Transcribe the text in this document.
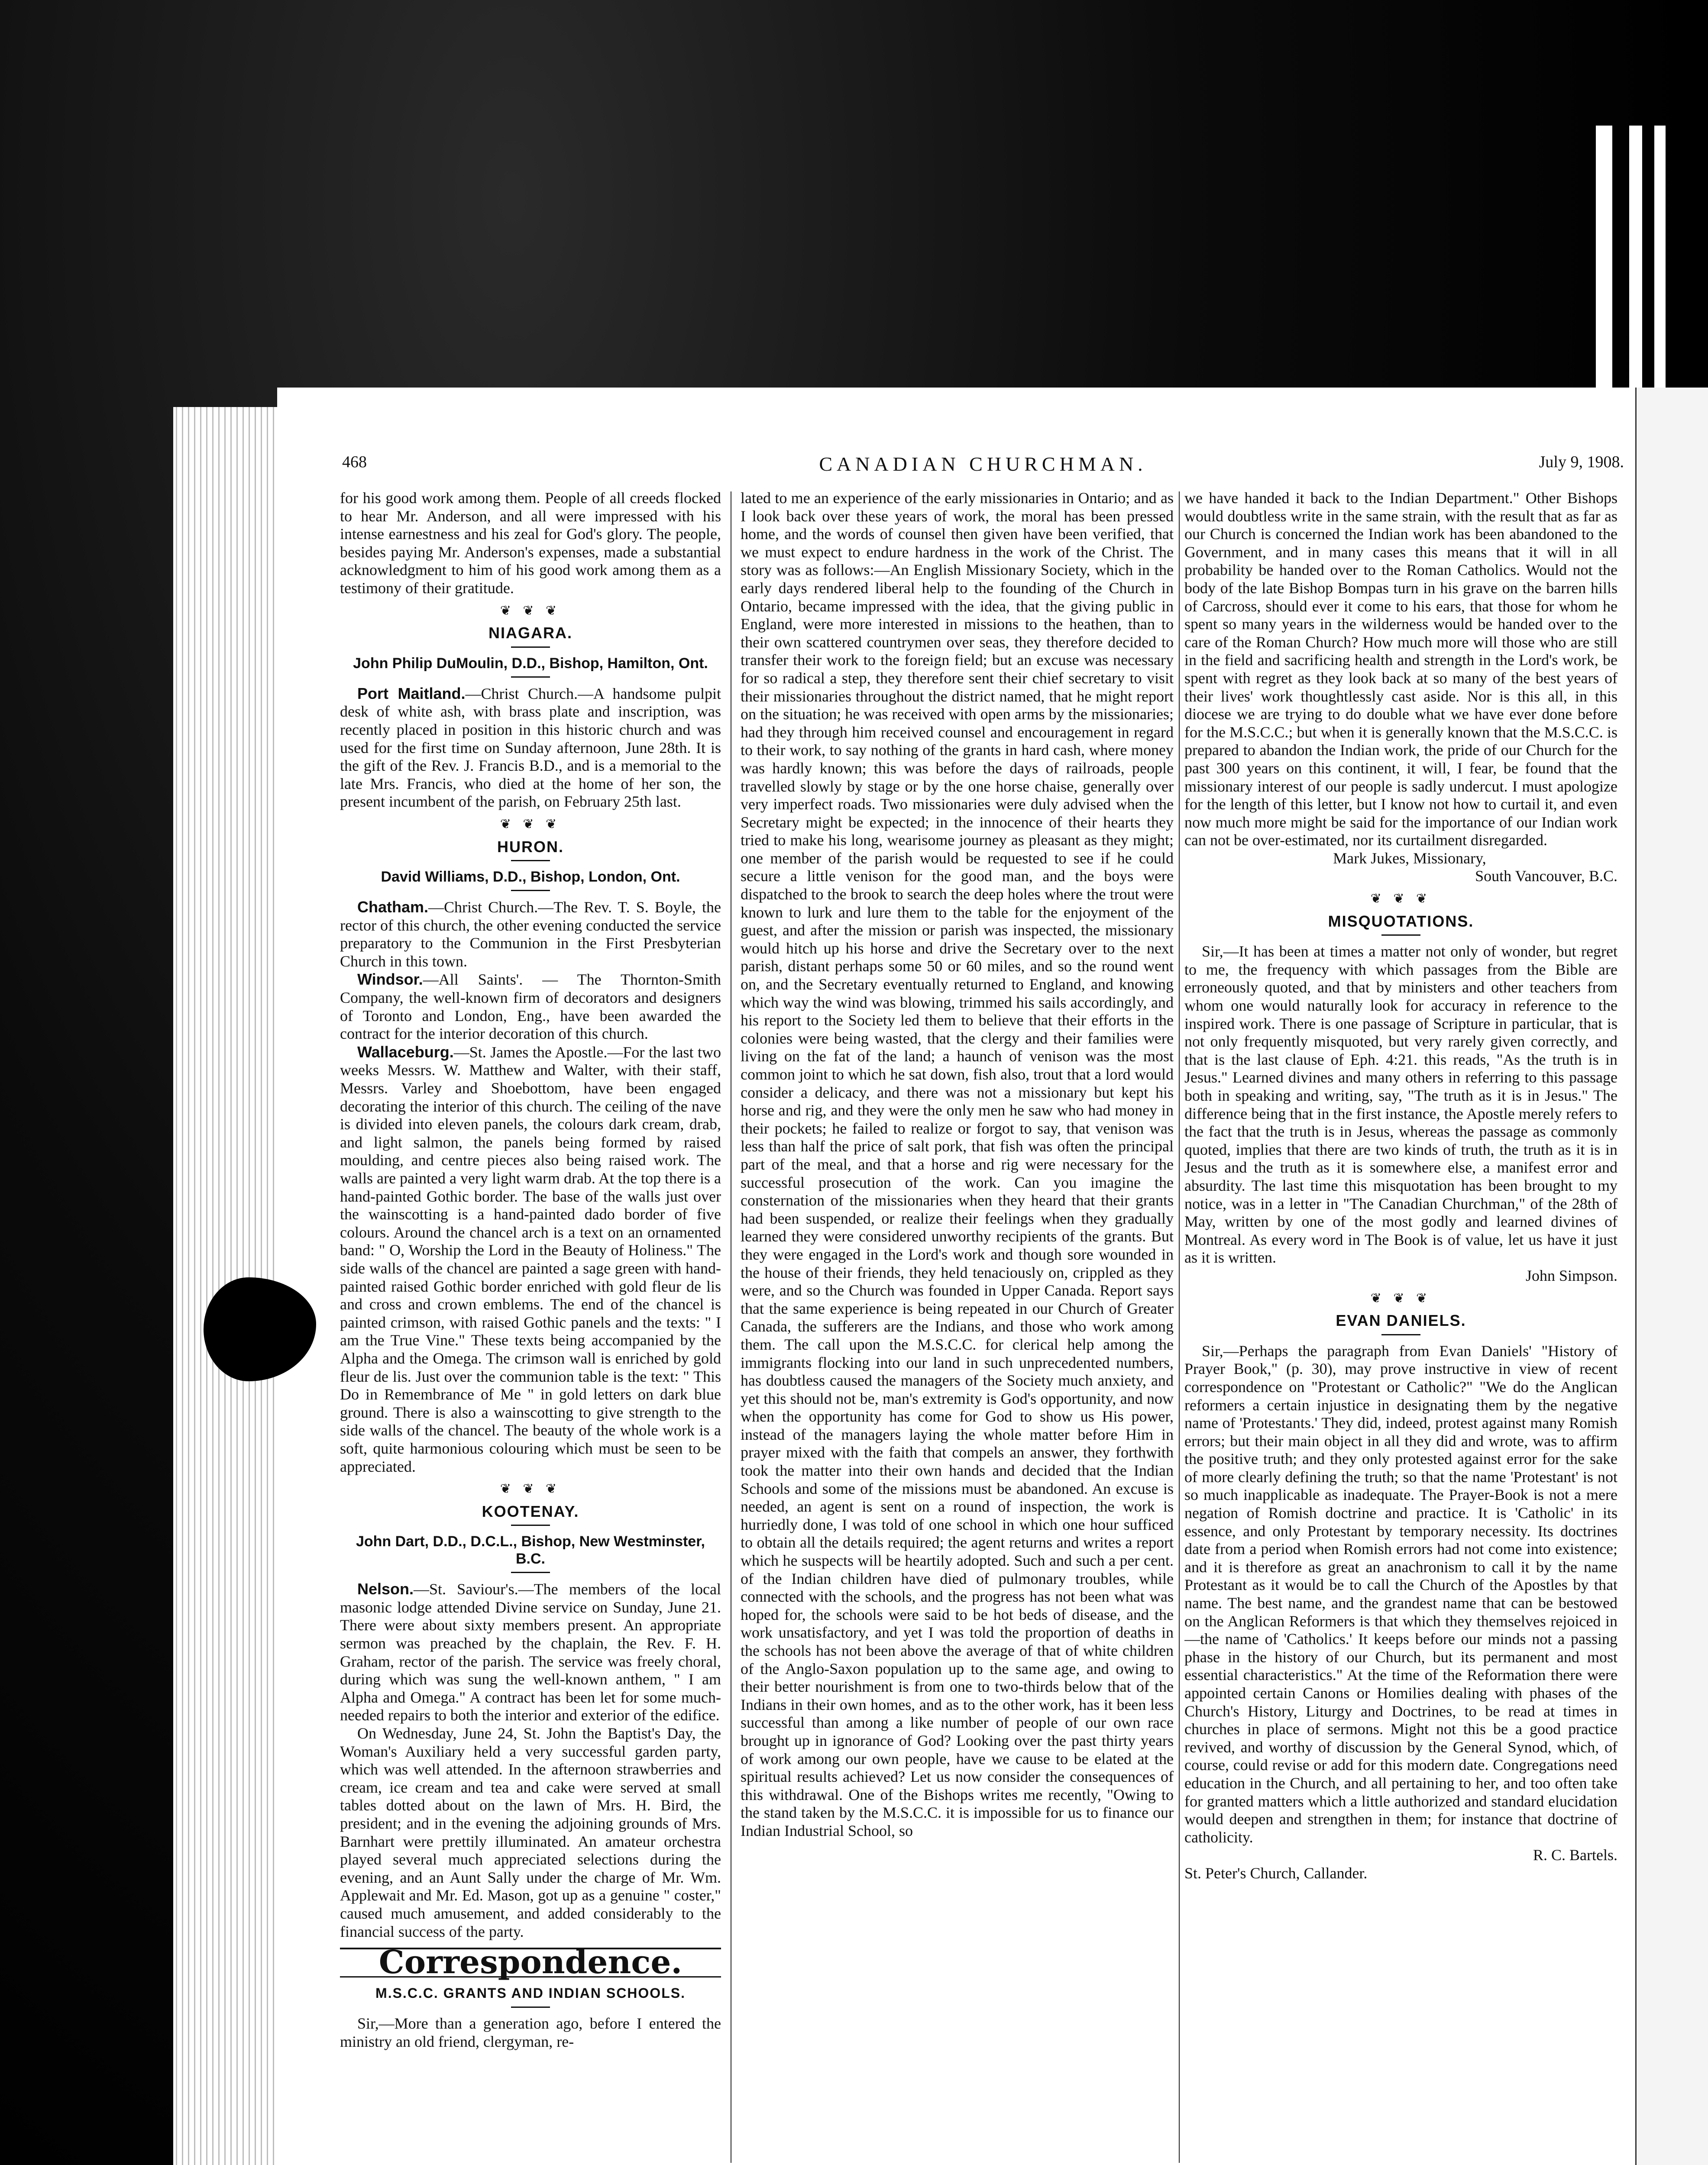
468	CANADIAN CHURCHMAN.	July 9, 1908.

for his good work among them. People of all creeds flocked to hear Mr. Anderson, and all were impressed with his intense earnestness and his zeal for God's glory. The people, besides paying Mr. Anderson's expenses, made a substantial acknowledgment to him of his good work among them as a testimony of their gratitude.

❦ ❦ ❦
NIAGARA.
John Philip DuMoulin, D.D., Bishop, Hamilton, Ont.

Port Maitland.—Christ Church.—A handsome pulpit desk of white ash, with brass plate and inscription, was recently placed in position in this historic church and was used for the first time on Sunday afternoon, June 28th. It is the gift of the Rev. J. Francis B.D., and is a memorial to the late Mrs. Francis, who died at the home of her son, the present incumbent of the parish, on February 25th last.

❦ ❦ ❦
HURON.
David Williams, D.D., Bishop, London, Ont.

Chatham.—Christ Church.—The Rev. T. S. Boyle, the rector of this church, the other evening conducted the service preparatory to the Communion in the First Presbyterian Church in this town.

Windsor.—All Saints'. — The Thornton-Smith Company, the well-known firm of decorators and designers of Toronto and London, Eng., have been awarded the contract for the interior decoration of this church.

Wallaceburg.—St. James the Apostle.—For the last two weeks Messrs. W. Matthew and Walter, with their staff, Messrs. Varley and Shoebottom, have been engaged decorating the interior of this church. The ceiling of the nave is divided into eleven panels, the colours dark cream, drab, and light salmon, the panels being formed by raised moulding, and centre pieces also being raised work. The walls are painted a very light warm drab. At the top there is a hand-painted Gothic border. The base of the walls just over the wainscotting is a hand-painted dado border of five colours. Around the chancel arch is a text on an ornamented band: " O, Worship the Lord in the Beauty of Holiness." The side walls of the chancel are painted a sage green with hand-painted raised Gothic border enriched with gold fleur de lis and cross and crown emblems. The end of the chancel is painted crimson, with raised Gothic panels and the texts: " I am the True Vine." These texts being accompanied by the Alpha and the Omega. The crimson wall is enriched by gold fleur de lis. Just over the communion table is the text: " This Do in Remembrance of Me " in gold letters on dark blue ground. There is also a wainscotting to give strength to the side walls of the chancel. The beauty of the whole work is a soft, quite harmonious colouring which must be seen to be appreciated.

❦ ❦ ❦
KOOTENAY.
John Dart, D.D., D.C.L., Bishop, New Westminster, B.C.

Nelson.—St. Saviour's.—The members of the local masonic lodge attended Divine service on Sunday, June 21. There were about sixty members present. An appropriate sermon was preached by the chaplain, the Rev. F. H. Graham, rector of the parish. The service was freely choral, during which was sung the well-known anthem, " I am Alpha and Omega." A contract has been let for some much-needed repairs to both the interior and exterior of the edifice.

On Wednesday, June 24, St. John the Baptist's Day, the Woman's Auxiliary held a very successful garden party, which was well attended. In the afternoon strawberries and cream, ice cream and tea and cake were served at small tables dotted about on the lawn of Mrs. H. Bird, the president; and in the evening the adjoining grounds of Mrs. Barnhart were prettily illuminated. An amateur orchestra played several much appreciated selections during the evening, and an Aunt Sally under the charge of Mr. Wm. Applewait and Mr. Ed. Mason, got up as a genuine " coster," caused much amusement, and added considerably to the financial success of the party.

Correspondence.
M.S.C.C. GRANTS AND INDIAN SCHOOLS.

Sir,—More than a generation ago, before I entered the ministry an old friend, clergyman, re-

lated to me an experience of the early missionaries in Ontario; and as I look back over these years of work, the moral has been pressed home, and the words of counsel then given have been verified, that we must expect to endure hardness in the work of the Christ. The story was as follows:—An English Missionary Society, which in the early days rendered liberal help to the founding of the Church in Ontario, became impressed with the idea, that the giving public in England, were more interested in missions to the heathen, than to their own scattered countrymen over seas, they therefore decided to transfer their work to the foreign field; but an excuse was necessary for so radical a step, they therefore sent their chief secretary to visit their missionaries throughout the district named, that he might report on the situation; he was received with open arms by the missionaries; had they through him received counsel and encouragement in regard to their work, to say nothing of the grants in hard cash, where money was hardly known; this was before the days of railroads, people travelled slowly by stage or by the one horse chaise, generally over very imperfect roads. Two missionaries were duly advised when the Secretary might be expected; in the innocence of their hearts they tried to make his long, wearisome journey as pleasant as they might; one member of the parish would be requested to see if he could secure a little venison for the good man, and the boys were dispatched to the brook to search the deep holes where the trout were known to lurk and lure them to the table for the enjoyment of the guest, and after the mission or parish was inspected, the missionary would hitch up his horse and drive the Secretary over to the next parish, distant perhaps some 50 or 60 miles, and so the round went on, and the Secretary eventually returned to England, and knowing which way the wind was blowing, trimmed his sails accordingly, and his report to the Society led them to believe that their efforts in the colonies were being wasted, that the clergy and their families were living on the fat of the land; a haunch of venison was the most common joint to which he sat down, fish also, trout that a lord would consider a delicacy, and there was not a missionary but kept his horse and rig, and they were the only men he saw who had money in their pockets; he failed to realize or forgot to say, that venison was less than half the price of salt pork, that fish was often the principal part of the meal, and that a horse and rig were necessary for the successful prosecution of the work. Can you imagine the consternation of the missionaries when they heard that their grants had been suspended, or realize their feelings when they gradually learned they were considered unworthy recipients of the grants. But they were engaged in the Lord's work and though sore wounded in the house of their friends, they held tenaciously on, crippled as they were, and so the Church was founded in Upper Canada. Report says that the same experience is being repeated in our Church of Greater Canada, the sufferers are the Indians, and those who work among them. The call upon the M.S.C.C. for clerical help among the immigrants flocking into our land in such unprecedented numbers, has doubtless caused the managers of the Society much anxiety, and yet this should not be, man's extremity is God's opportunity, and now when the opportunity has come for God to show us His power, instead of the managers laying the whole matter before Him in prayer mixed with the faith that compels an answer, they forthwith took the matter into their own hands and decided that the Indian Schools and some of the missions must be abandoned. An excuse is needed, an agent is sent on a round of inspection, the work is hurriedly done, I was told of one school in which one hour sufficed to obtain all the details required; the agent returns and writes a report which he suspects will be heartily adopted. Such and such a per cent. of the Indian children have died of pulmonary troubles, while connected with the schools, and the progress has not been what was hoped for, the schools were said to be hot beds of disease, and the work unsatisfactory, and yet I was told the proportion of deaths in the schools has not been above the average of that of white children of the Anglo-Saxon population up to the same age, and owing to their better nourishment is from one to two-thirds below that of the Indians in their own homes, and as to the other work, has it been less successful than among a like number of people of our own race brought up in ignorance of God? Looking over the past thirty years of work among our own people, have we cause to be elated at the spiritual results achieved? Let us now consider the consequences of this withdrawal. One of the Bishops writes me recently, "Owing to the stand taken by the M.S.C.C. it is impossible for us to finance our Indian Industrial School, so

we have handed it back to the Indian Department." Other Bishops would doubtless write in the same strain, with the result that as far as our Church is concerned the Indian work has been abandoned to the Government, and in many cases this means that it will in all probability be handed over to the Roman Catholics. Would not the body of the late Bishop Bompas turn in his grave on the barren hills of Carcross, should ever it come to his ears, that those for whom he spent so many years in the wilderness would be handed over to the care of the Roman Church? How much more will those who are still in the field and sacrificing health and strength in the Lord's work, be spent with regret as they look back at so many of the best years of their lives' work thoughtlessly cast aside. Nor is this all, in this diocese we are trying to do double what we have ever done before for the M.S.C.C.; but when it is generally known that the M.S.C.C. is prepared to abandon the Indian work, the pride of our Church for the past 300 years on this continent, it will, I fear, be found that the missionary interest of our people is sadly undercut. I must apologize for the length of this letter, but I know not how to curtail it, and even now much more might be said for the importance of our Indian work can not be over-estimated, nor its curtailment disregarded.

Mark Jukes, Missionary,

South Vancouver, B.C.

❦ ❦ ❦
MISQUOTATIONS.

Sir,—It has been at times a matter not only of wonder, but regret to me, the frequency with which passages from the Bible are erroneously quoted, and that by ministers and other teachers from whom one would naturally look for accuracy in reference to the inspired work. There is one passage of Scripture in particular, that is not only frequently misquoted, but very rarely given correctly, and that is the last clause of Eph. 4:21. this reads, "As the truth is in Jesus." Learned divines and many others in referring to this passage both in speaking and writing, say, "The truth as it is in Jesus." The difference being that in the first instance, the Apostle merely refers to the fact that the truth is in Jesus, whereas the passage as commonly quoted, implies that there are two kinds of truth, the truth as it is in Jesus and the truth as it is somewhere else, a manifest error and absurdity. The last time this misquotation has been brought to my notice, was in a letter in "The Canadian Churchman," of the 28th of May, written by one of the most godly and learned divines of Montreal. As every word in The Book is of value, let us have it just as it is written.

John Simpson.

❦ ❦ ❦
EVAN DANIELS.

Sir,—Perhaps the paragraph from Evan Daniels' "History of Prayer Book," (p. 30), may prove instructive in view of recent correspondence on "Protestant or Catholic?" "We do the Anglican reformers a certain injustice in designating them by the negative name of 'Protestants.' They did, indeed, protest against many Romish errors; but their main object in all they did and wrote, was to affirm the positive truth; and they only protested against error for the sake of more clearly defining the truth; so that the name 'Protestant' is not so much inapplicable as inadequate. The Prayer-Book is not a mere negation of Romish doctrine and practice. It is 'Catholic' in its essence, and only Protestant by temporary necessity. Its doctrines date from a period when Romish errors had not come into existence; and it is therefore as great an anachronism to call it by the name Protestant as it would be to call the Church of the Apostles by that name. The best name, and the grandest name that can be bestowed on the Anglican Reformers is that which they themselves rejoiced in—the name of 'Catholics.' It keeps before our minds not a passing phase in the history of our Church, but its permanent and most essential characteristics." At the time of the Reformation there were appointed certain Canons or Homilies dealing with phases of the Church's History, Liturgy and Doctrines, to be read at times in churches in place of sermons. Might not this be a good practice revived, and worthy of discussion by the General Synod, which, of course, could revise or add for this modern date. Congregations need education in the Church, and all pertaining to her, and too often take for granted matters which a little authorized and standard elucidation would deepen and strengthen in them; for instance that doctrine of catholicity.

R. C. Bartels.

St. Peter's Church, Callander.
